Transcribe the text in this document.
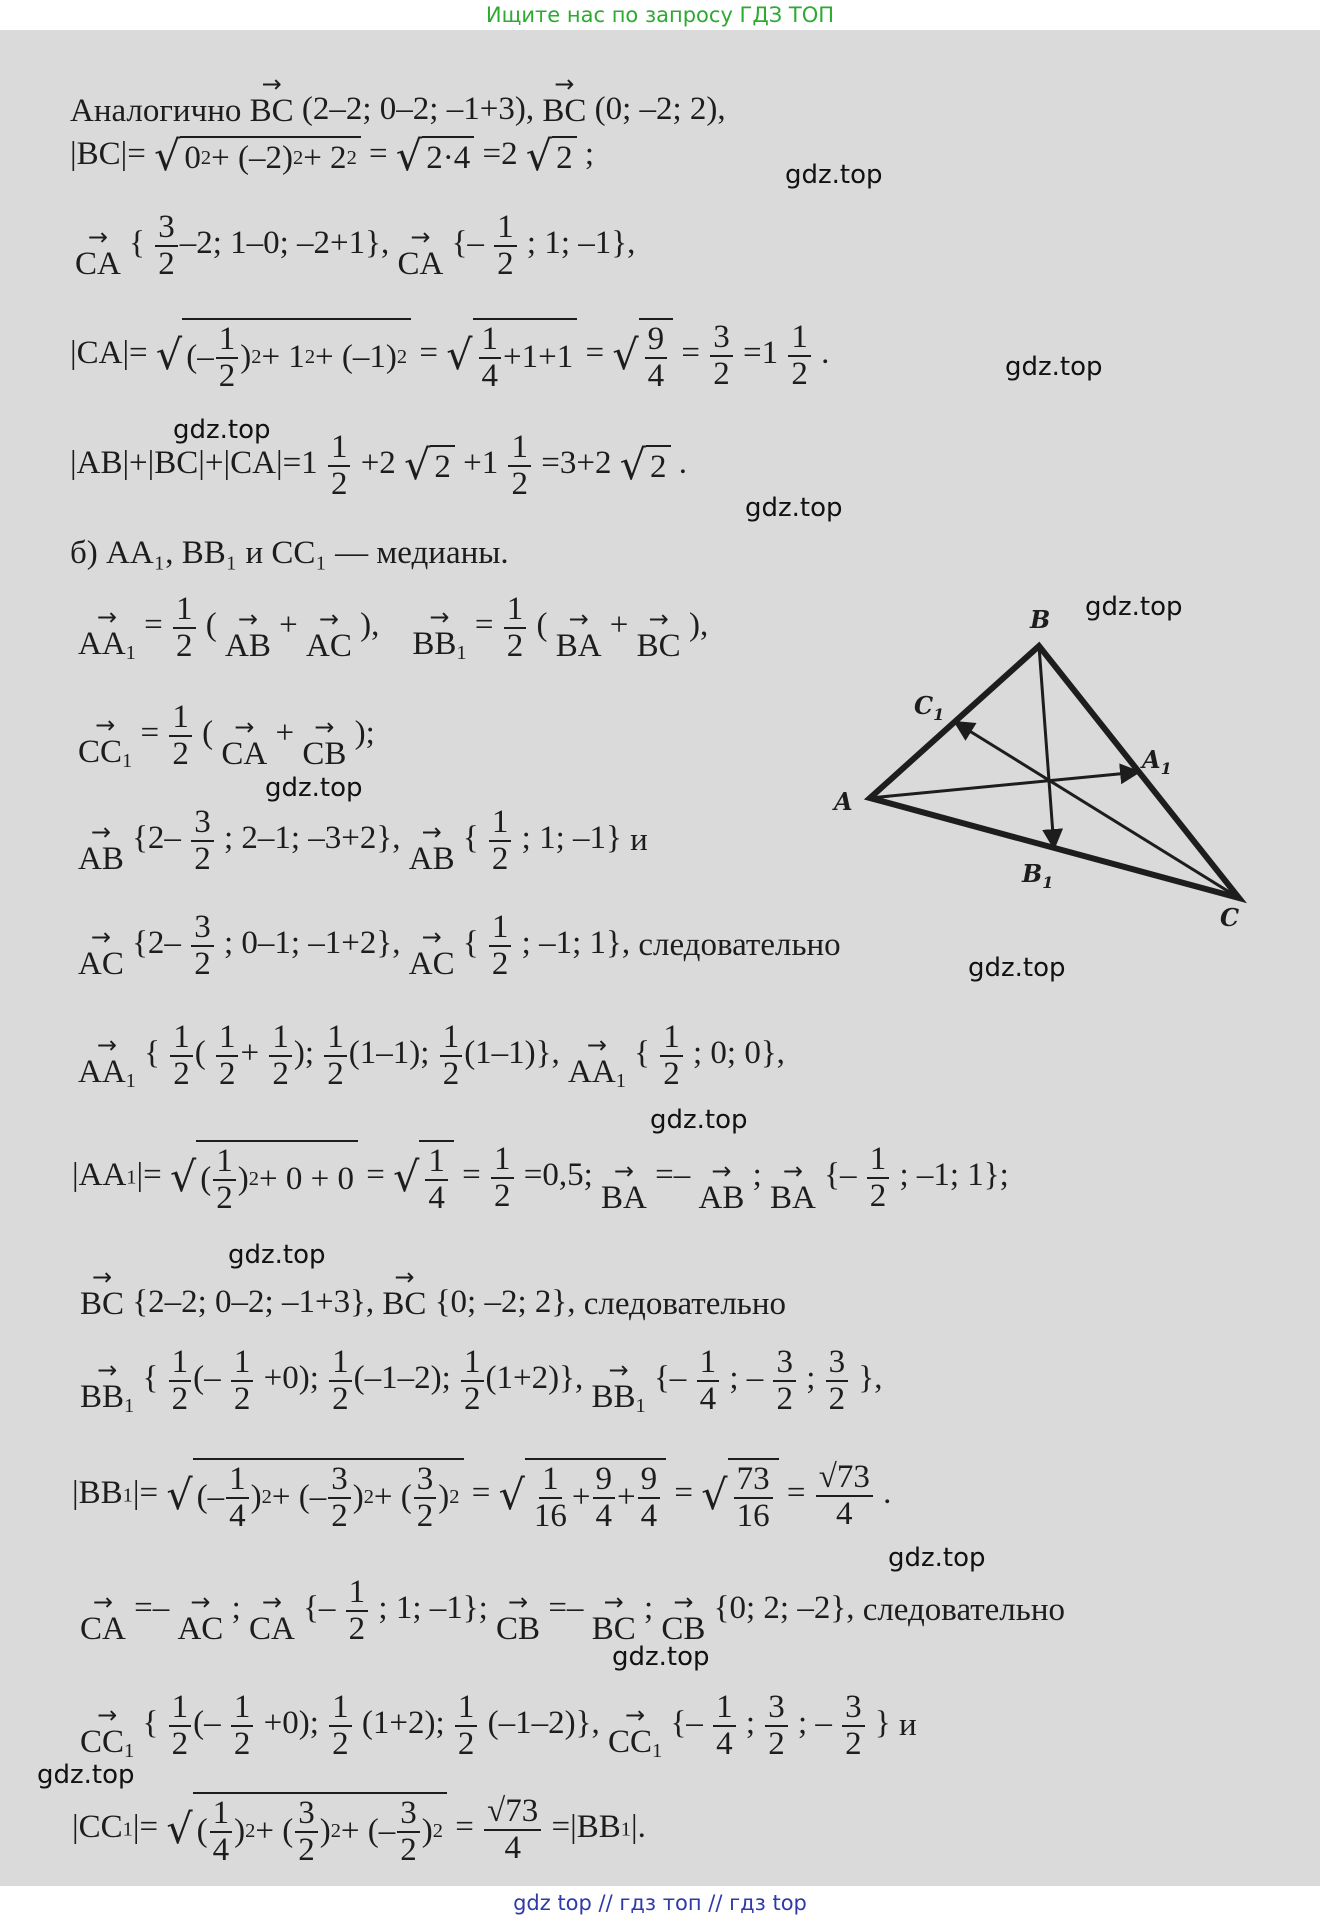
Ищите нас по запросу ГДЗ ТОП
Аналогично → BC (2–2; 0–2; –1+3), → BC (0; –2; 2),
|BC|= √ 0 2 + (–2) 2 + 2 2 = √ 2·4 =2 √ 2 ;
→ CA
{ $\frac{3}{2} -2$; 1–0; –2+1},
→ CA
{– $\frac{1}{2}$ ; 1; –1},
|CA|= √ (–
1
2
) 2 + 1 2 + (–1) 2 = √ 1
4
+1+1 = √ 9
4
= $\frac{3}{2} =1 \frac{1}{2}$ .
$|AB|+|BC|+|CA|=1 \frac{1}{2} +2$ √ $2 +1 \frac{1}{2} =3+2$ √ 2 .
б) AA₁, BB₁ и CC₁ — медианы.
→ $AA_1$
= $\frac{1}{2}$ (
→ AB
+
→ AC
),
→ $BB_1$
= $\frac{1}{2}$ (
→ BA
+
→ BC
),
→ $CC_1$
= $\frac{1}{2}$ (
→ CA
+
→ CB
);
→ AB
{$2- \frac{3}{2}$ ; 2–1; –3+2},
→ AB
{ $\frac{1}{2}$ ; 1; –1} и
→ AC
{$2- \frac{3}{2}$ ; 0–1; –1+2},
→ AC
{ $\frac{1}{2}$ ; –1; 1}, следовательно
→ $AA_1$
{ $\frac{1}{2}$ ( $\frac{1}{2} + \frac{1}{2}$ ); $\frac{1}{2} (1-1)$; $\frac{1}{2} (1-1)$},
→ $AA_1$
{ $\frac{1}{2}$ ; 0; 0},
|AA1|= √ (
1
2
) 2 + 0 + 0 = √ 1
4
= $\frac{1}{2} =0,5$;
→ BA
=–
→ AB
;
→ BA
{– $\frac{1}{2}$ ; –1; 1};
→ BC {2–2; 0–2; –1+3}, → BC {0; –2; 2}, следовательно
→ $BB_1$
{ $\frac{1}{2}$ (– $\frac{1}{2} +0$); $\frac{1}{2} (-1-2)$; $\frac{1}{2} (1+2)$},
→ $BB_1$
{– $\frac{1}{4}$ ; – $\frac{3}{2}$ ; $\frac{3}{2}$ },
|BB1|= √ (–
1
4
) 2 + (–
3
2
) 2 + (
3
2
) 2 = √ 1
16
+
9
4
+
9
4
= √ 73
16
= $\frac{√73}{4}$ .
→ CA
=–
→ AC
;
→ CA
{– $\frac{1}{2}$ ; 1; –1};
→ CB
=–
→ BC
;
→ CB
{0; 2; –2}, следовательно
→ $CC_1$
{ $\frac{1}{2}$ (– $\frac{1}{2} +0$); $\frac{1}{2} (1+2)$; $\frac{1}{2} (-1-2)$},
→ $CC_1$
{– $\frac{1}{4}$ ; $\frac{3}{2}$ ; – $\frac{3}{2}$ } и
|CC1|= √ (
1
4
) 2 + (
3
2
) 2 + (–
3
2
) $2 = \frac{√73}{4} =|BB1|$.
A
B
C
$A_1$
$B_1$
$C_1$
gdz.top
gdz.top
gdz.top
gdz.top
gdz.top
gdz.top
gdz.top
gdz.top
gdz.top
gdz.top
gdz.top
gdz.top
gdz top // гдз топ // гдз top
